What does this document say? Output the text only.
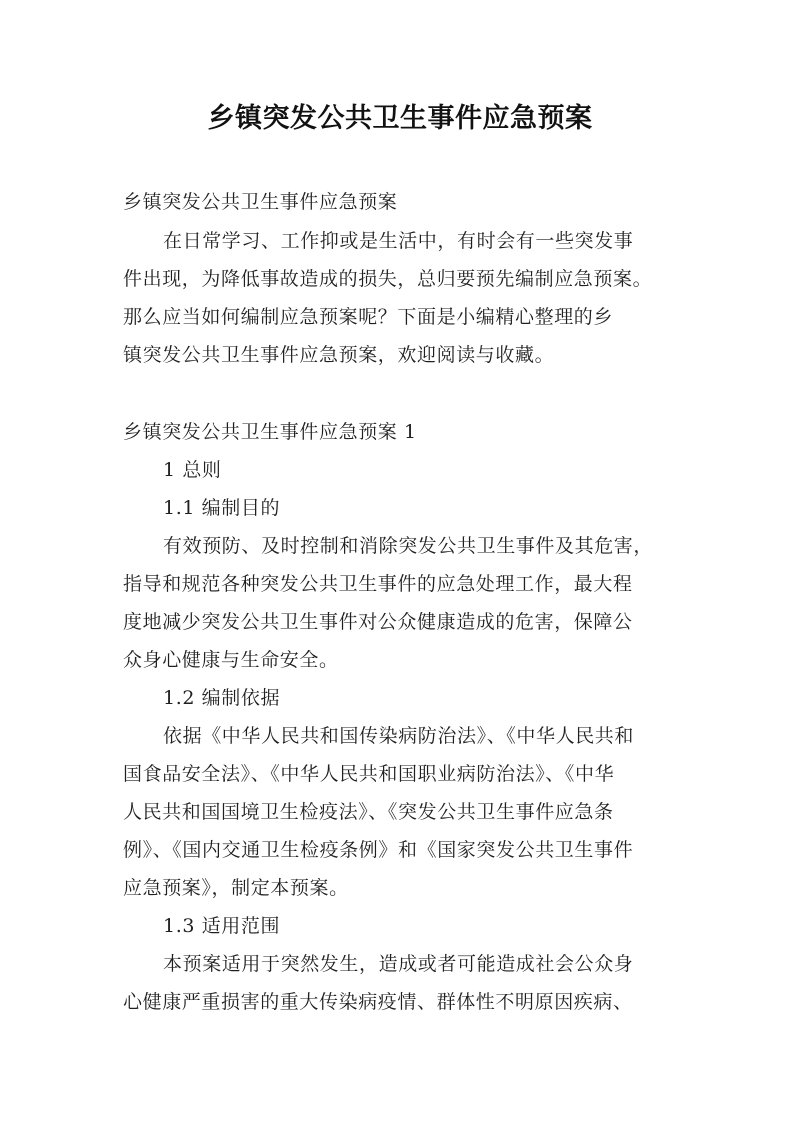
乡镇突发公共卫生事件应急预案
乡镇突发公共卫生事件应急预案
在日常学习、工作抑或是生活中，有时会有一些突发事
件出现，为降低事故造成的损失，总归要预先编制应急预案。
那么应当如何编制应急预案呢？下面是小编精心整理的乡
镇突发公共卫生事件应急预案，欢迎阅读与收藏。
乡镇突发公共卫生事件应急预案 1
1 总则
1.1 编制目的
有效预防、及时控制和消除突发公共卫生事件及其危害，
指导和规范各种突发公共卫生事件的应急处理工作，最大程
度地减少突发公共卫生事件对公众健康造成的危害，保障公
众身心健康与生命安全。
1.2 编制依据
依据《中华人民共和国传染病防治法》、《中华人民共和
国食品安全法》、《中华人民共和国职业病防治法》、《中华
人民共和国国境卫生检疫法》、《突发公共卫生事件应急条
例》、《国内交通卫生检疫条例》和《国家突发公共卫生事件
应急预案》，制定本预案。
1.3 适用范围
本预案适用于突然发生，造成或者可能造成社会公众身
心健康严重损害的重大传染病疫情、群体性不明原因疾病、
